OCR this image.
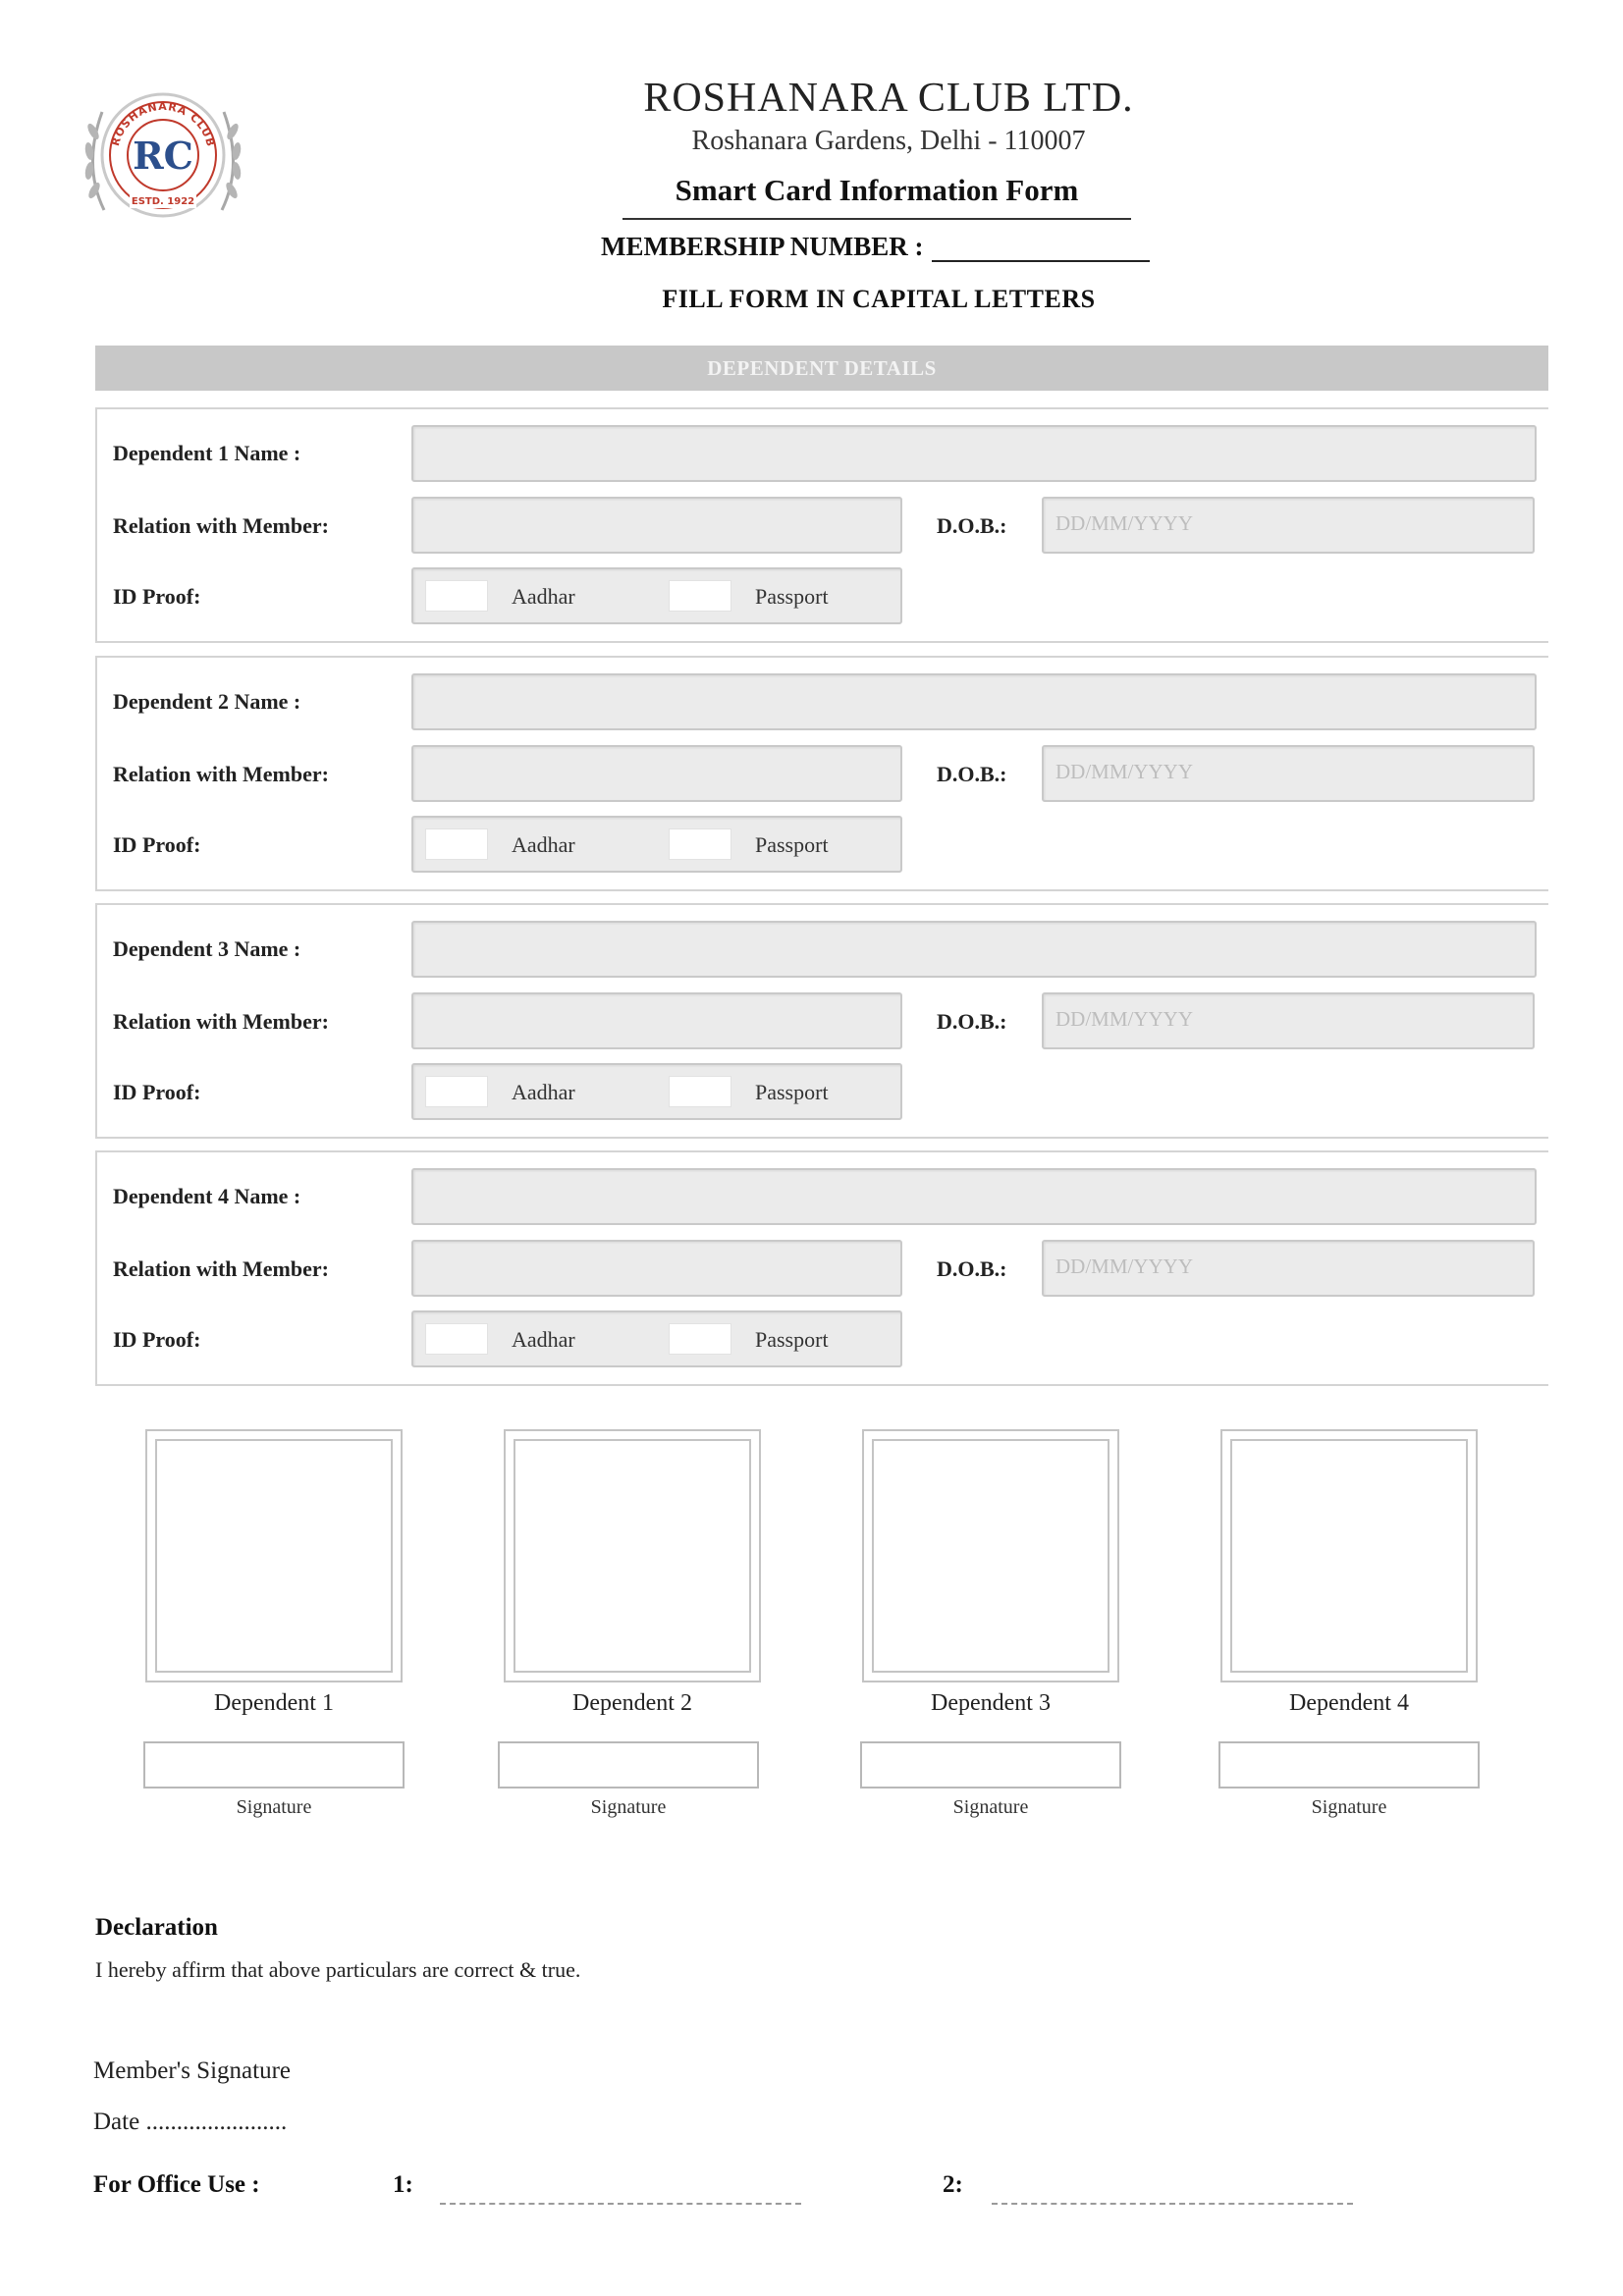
ROSHANARA CLUB
RC
ESTD. 1922
ROSHANARA CLUB LTD.
Roshanara Gardens, Delhi - 110007
Smart Card Information Form
MEMBERSHIP NUMBER :
FILL FORM IN CAPITAL LETTERS
DEPENDENT DETAILS
Dependent 1 Name :
Relation with Member:	D.O.B.: DD/MM/YYYY
ID Proof:	Aadhar	Passport
Dependent 2 Name :
Relation with Member:	D.O.B.: DD/MM/YYYY
ID Proof:	Aadhar	Passport
Dependent 3 Name :
Relation with Member:	D.O.B.: DD/MM/YYYY
ID Proof:	Aadhar	Passport
Dependent 4 Name :
Relation with Member:	D.O.B.: DD/MM/YYYY
ID Proof:	Aadhar	Passport
Dependent 1
Signature
Dependent 2
Signature
Dependent 3
Signature
Dependent 4
Signature
Declaration
I hereby affirm that above particulars are correct & true.
Member's Signature
Date .......................
For Office Use :	1:	2:
